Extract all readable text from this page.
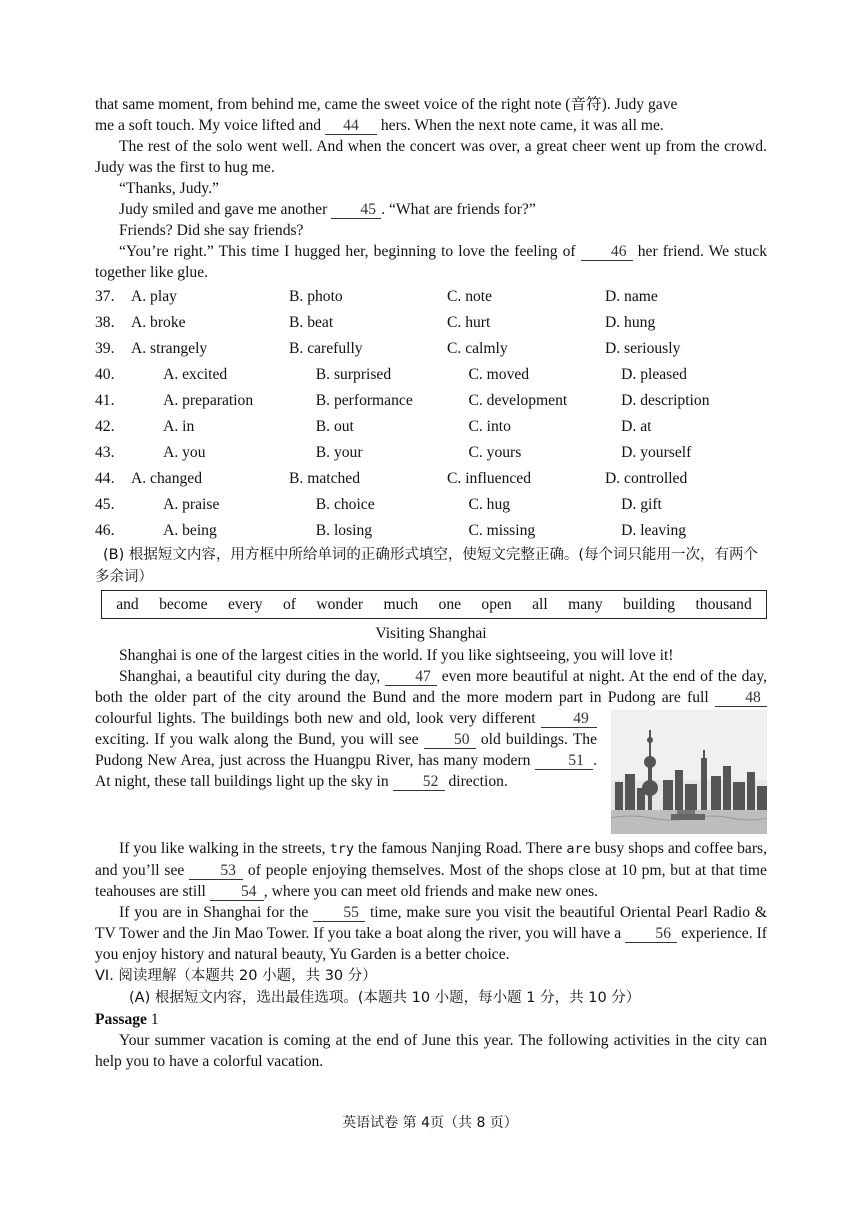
that same moment, from behind me, came the sweet voice of the right note (音符). Judy gave

me a soft touch. My voice lifted and 44 hers. When the next note came, it was all me.

The rest of the solo went well. And when the concert was over, a great cheer went up from the crowd. Judy was the first to hug me.

“Thanks, Judy.”

Judy smiled and gave me another 45 . “What are friends for?”

Friends? Did she say friends?

“You’re right.” This time I hugged her, beginning to love the feeling of 46 her friend. We stuck together like glue.

37.	A. play	B. photo	C. note	D. name
38.	A. broke	B. beat	C. hurt	D. hung
39.	A. strangely	B. carefully	C. calmly	D. seriously
40.	A. excited	B. surprised	C. moved	D. pleased
41.	A. preparation	B. performance	C. development	D. description
42.	A. in	B. out	C. into	D. at
43.	A. you	B. your	C. yours	D. yourself
44.	A. changed	B. matched	C. influenced	D. controlled
45.	A. praise	B. choice	C. hug	D. gift
46.	A. being	B. losing	C. missing	D. leaving

(B) 根据短文内容，用方框中所给单词的正确形式填空，使短文完整正确。(每个词只能用一次，有两个多余词）

and become every of wonder much one open all many building thousand

Visiting Shanghai

Shanghai is one of the largest cities in the world. If you like sightseeing, you will love it!

Shanghai, a beautiful city during the day, 47 even more beautiful at night. At the end of the day, both the older part of the city around the Bund and the more modern part in Pudong are full 48 colourful lights. The buildings both new and old, look very different 49 exciting. If you walk along the Bund, you will see 50 old buildings. The Pudong New Area, just across the Huangpu River, has many modern 51 . At night, these tall buildings light up the sky in 52 direction.

If you like walking in the streets, try the famous Nanjing Road. There are busy shops and coffee bars, and you’ll see 53 of people enjoying themselves. Most of the shops close at 10 pm, but at that time teahouses are still 54 , where you can meet old friends and make new ones.

If you are in Shanghai for the 55 time, make sure you visit the beautiful Oriental Pearl Radio & TV Tower and the Jin Mao Tower. If you take a boat along the river, you will have a 56 experience. If you enjoy history and natural beauty, Yu Garden is a better choice.

VI. 阅读理解（本题共 20 小题，共 30 分）

(A) 根据短文内容，选出最佳选项。(本题共 10 小题，每小题 1 分，共 10 分）

Passage 1

Your summer vacation is coming at the end of June this year. The following activities in the city can help you to have a colorful vacation.

英语试卷 第 4页（共 8 页）
